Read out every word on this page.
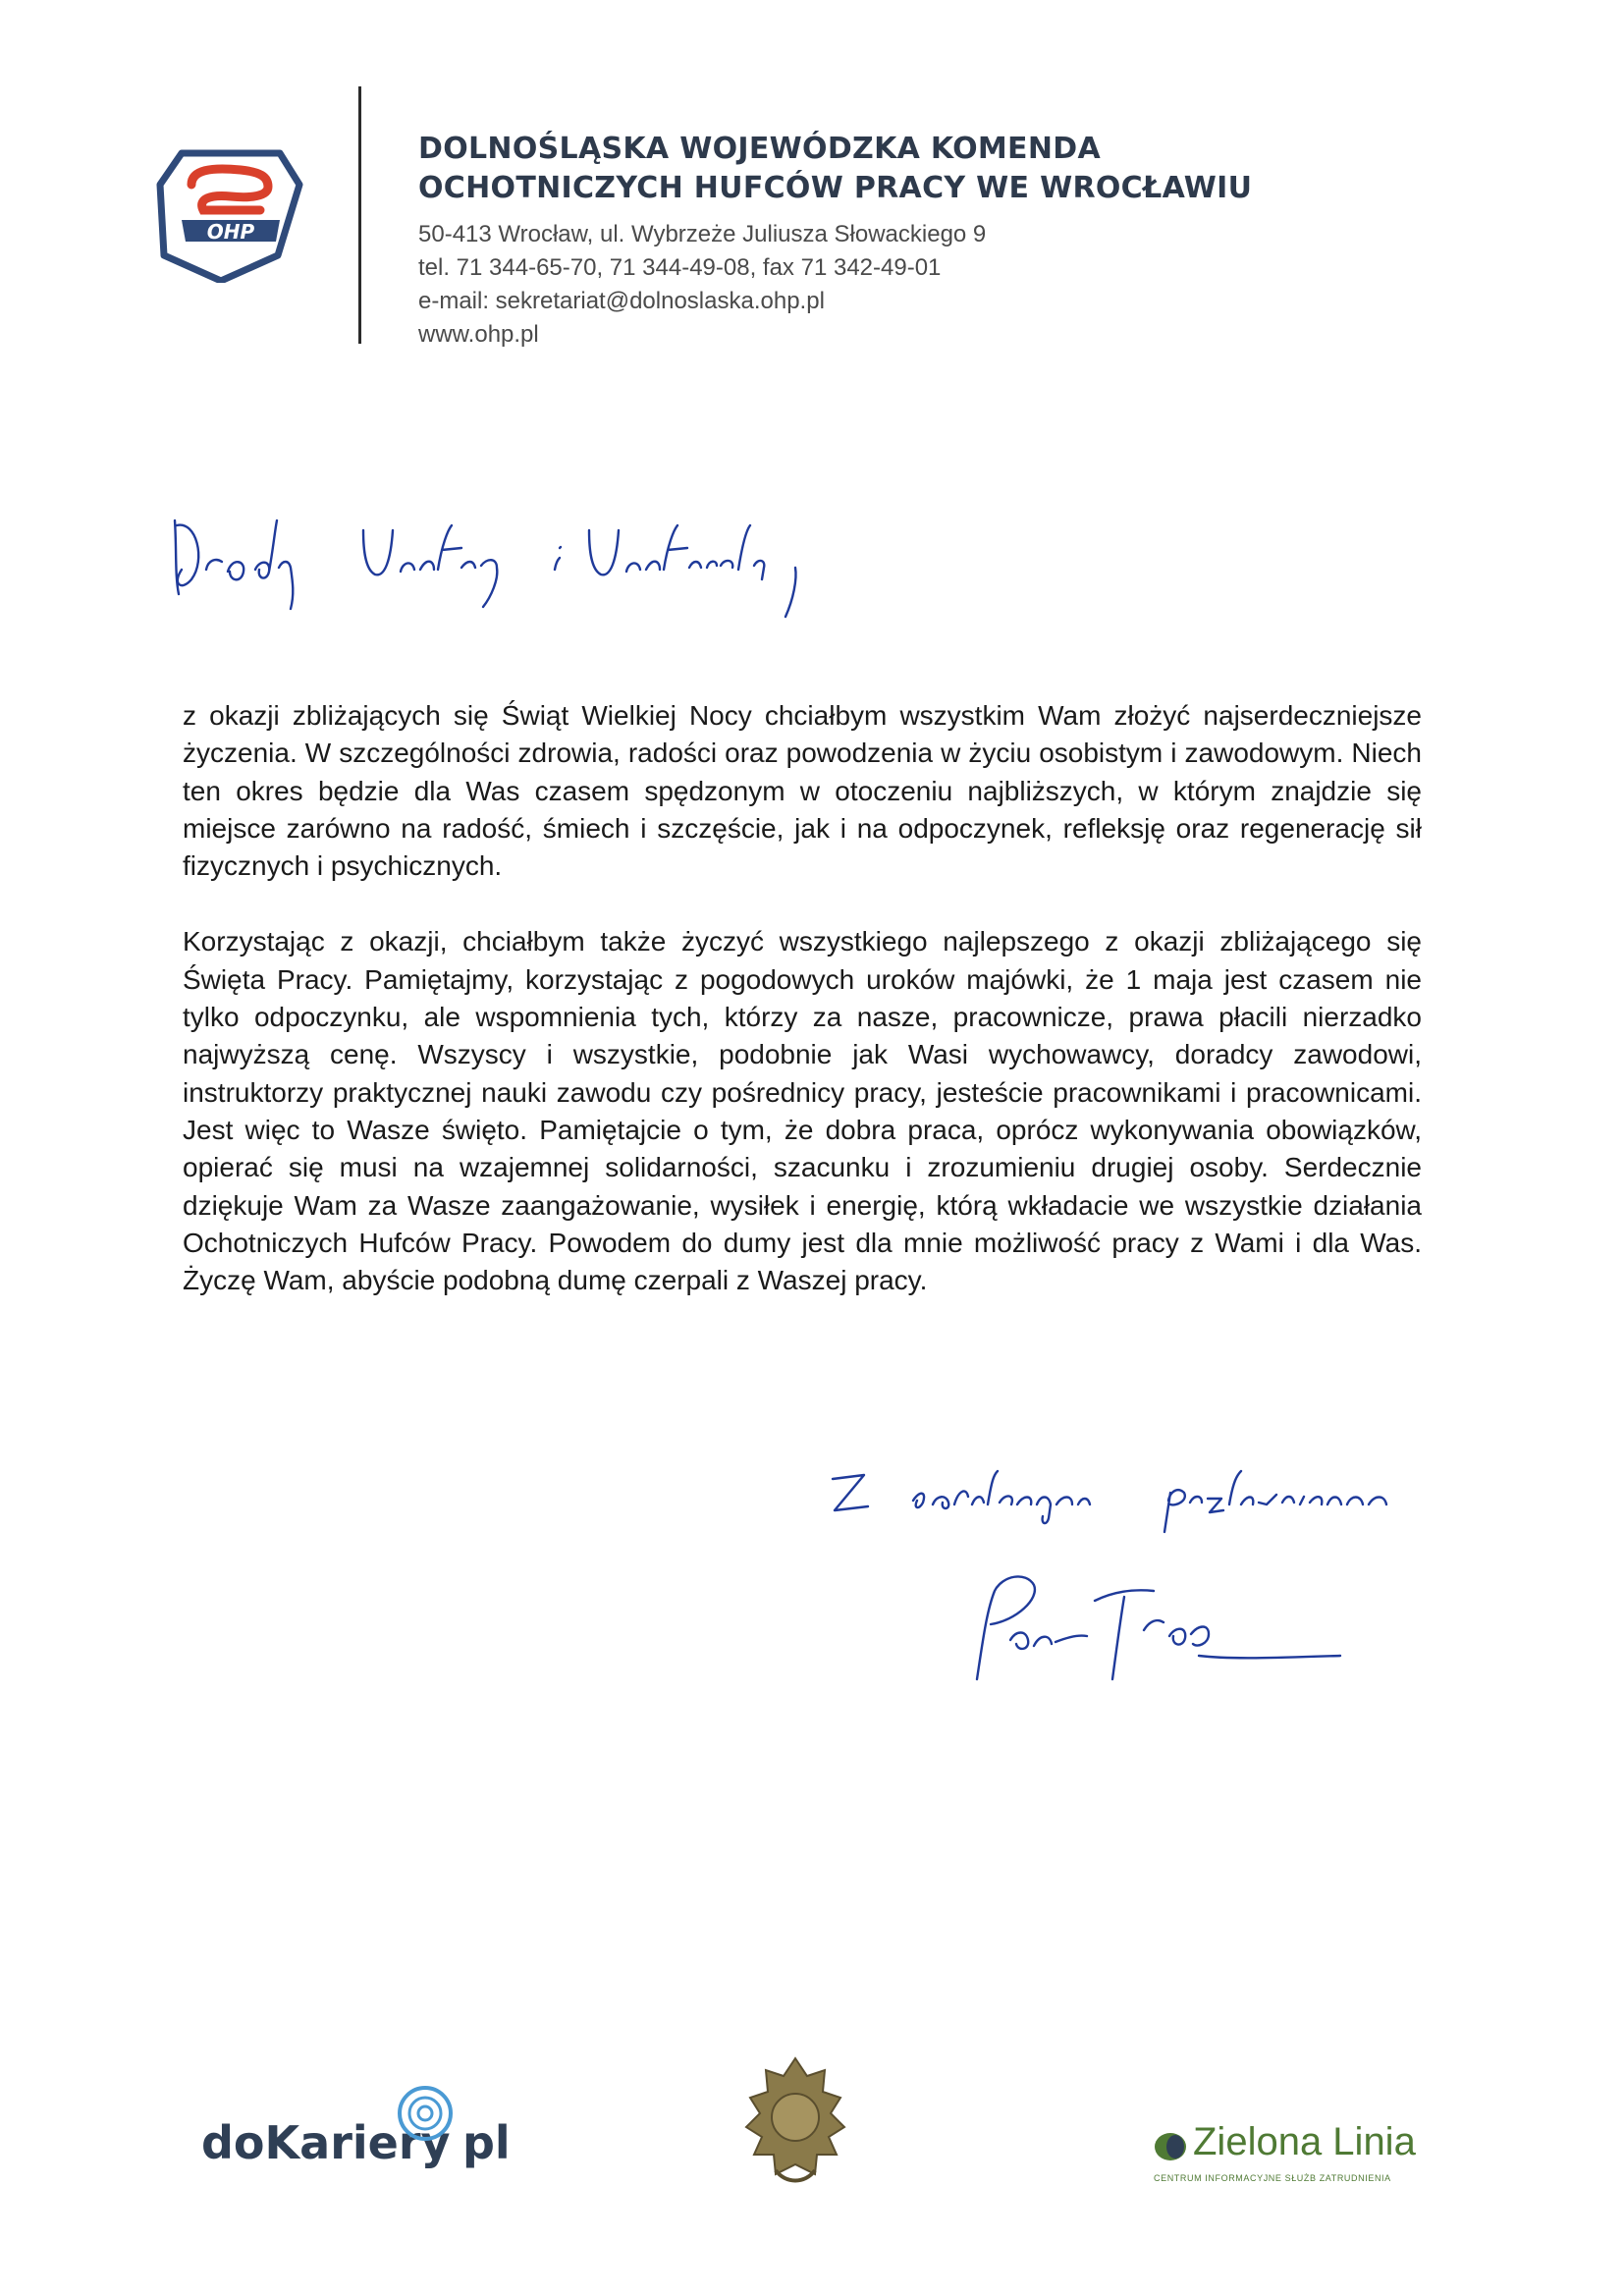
OHP

DOLNOŚLĄSKA WOJEWÓDZKA KOMENDA

OCHOTNICZYCH HUFCÓW PRACY WE WROCŁAWIU

50-413 Wrocław, ul. Wybrzeże Juliusza Słowackiego 9
tel. 71 344-65-70, 71 344-49-08, fax 71 342-49-01
e-mail: sekretariat@dolnoslaska.ohp.pl
www.ohp.pl

z okazji zbliżających się Świąt Wielkiej Nocy chciałbym wszystkim Wam złożyć najserdeczniejsze życzenia. W szczególności zdrowia, radości oraz powodzenia w życiu osobistym i zawodowym. Niech ten okres będzie dla Was czasem spędzonym w otoczeniu najbliższych, w którym znajdzie się miejsce zarówno na radość, śmiech i szczęście, jak i na odpoczynek, refleksję oraz regenerację sił fizycznych i psychicznych.

Korzystając z okazji, chciałbym także życzyć wszystkiego najlepszego z okazji zbliżającego się Święta Pracy. Pamiętajmy, korzystając z pogodowych uroków majówki, że 1 maja jest czasem nie tylko odpoczynku, ale wspomnienia tych, którzy za nasze, pracownicze, prawa płacili nierzadko najwyższą cenę. Wszyscy i wszystkie, podobnie jak Wasi wychowawcy, doradcy zawodowi, instruktorzy praktycznej nauki zawodu czy pośrednicy pracy, jesteście pracownikami i pracownicami. Jest więc to Wasze święto. Pamiętajcie o tym, że dobra praca, oprócz wykonywania obowiązków, opierać się musi na wzajemnej solidarności, szacunku i zrozumieniu drugiej osoby. Serdecznie dziękuje Wam za Wasze zaangażowanie, wysiłek i energię, którą wkładacie we wszystkie działania Ochotniczych Hufców Pracy. Powodem do dumy jest dla mnie możliwość pracy z Wami i dla Was. Życzę Wam, abyście podobną dumę czerpali z Waszej pracy.

doKariery pl	Zielona Linia
CENTRUM INFORMACYJNE SŁUŻB ZATRUDNIENIA
